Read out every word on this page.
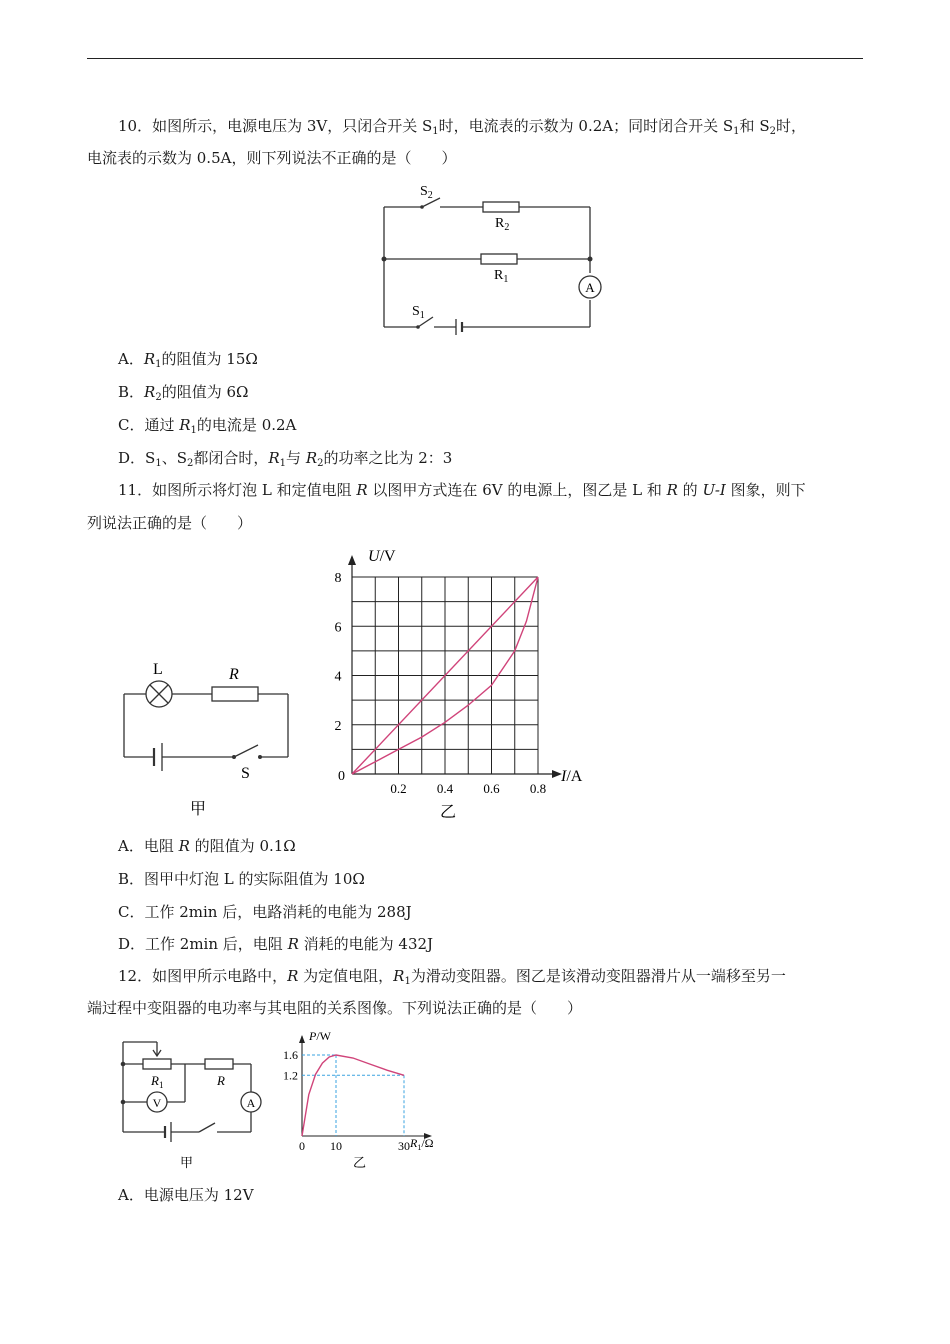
10．如图所示，电源电压为 3V，只闭合开关 $S_1$时，电流表的示数为 0.2A；同时闭合开关 $S_1$和 $S_2$时，
电流表的示数为 0.5A，则下列说法不正确的是（　　）
A
$S_2$
$R_2$
$R_1$
$S_1$
A．$R_1$的阻值为 15Ω
B．$R_2$的阻值为 6Ω
C．通过 $R_1$的电流是 0.2A
D．$S_1$、$S_2$都闭合时，$R_1$与 $R_2$的功率之比为 2：3
11．如图所示将灯泡 L 和定值电阻 R 以图甲方式连在 6V 的电源上，图乙是 L 和 R 的 U-I 图象，则下
列说法正确的是（　　）
L	R
S
甲
0
0.2 0.4 0.6 0.8
2
4
6
8
U/V
I/A
乙
A．电阻 R 的阻值为 0.1Ω
B．图甲中灯泡 L 的实际阻值为 10Ω
C．工作 2min 后，电路消耗的电能为 288J
D．工作 2min 后，电阻 R 消耗的电能为 432J
12．如图甲所示电路中，R 为定值电阻，$R_1$为滑动变阻器。图乙是该滑动变阻器滑片从一端移至另一
端过程中变阻器的电功率与其电阻的关系图像。下列说法正确的是（　　）
V	A
$R_1$	R
甲
0 10	30
1.2
1.6
P/W
$R_1/\Omega$
乙
A．电源电压为 12V
